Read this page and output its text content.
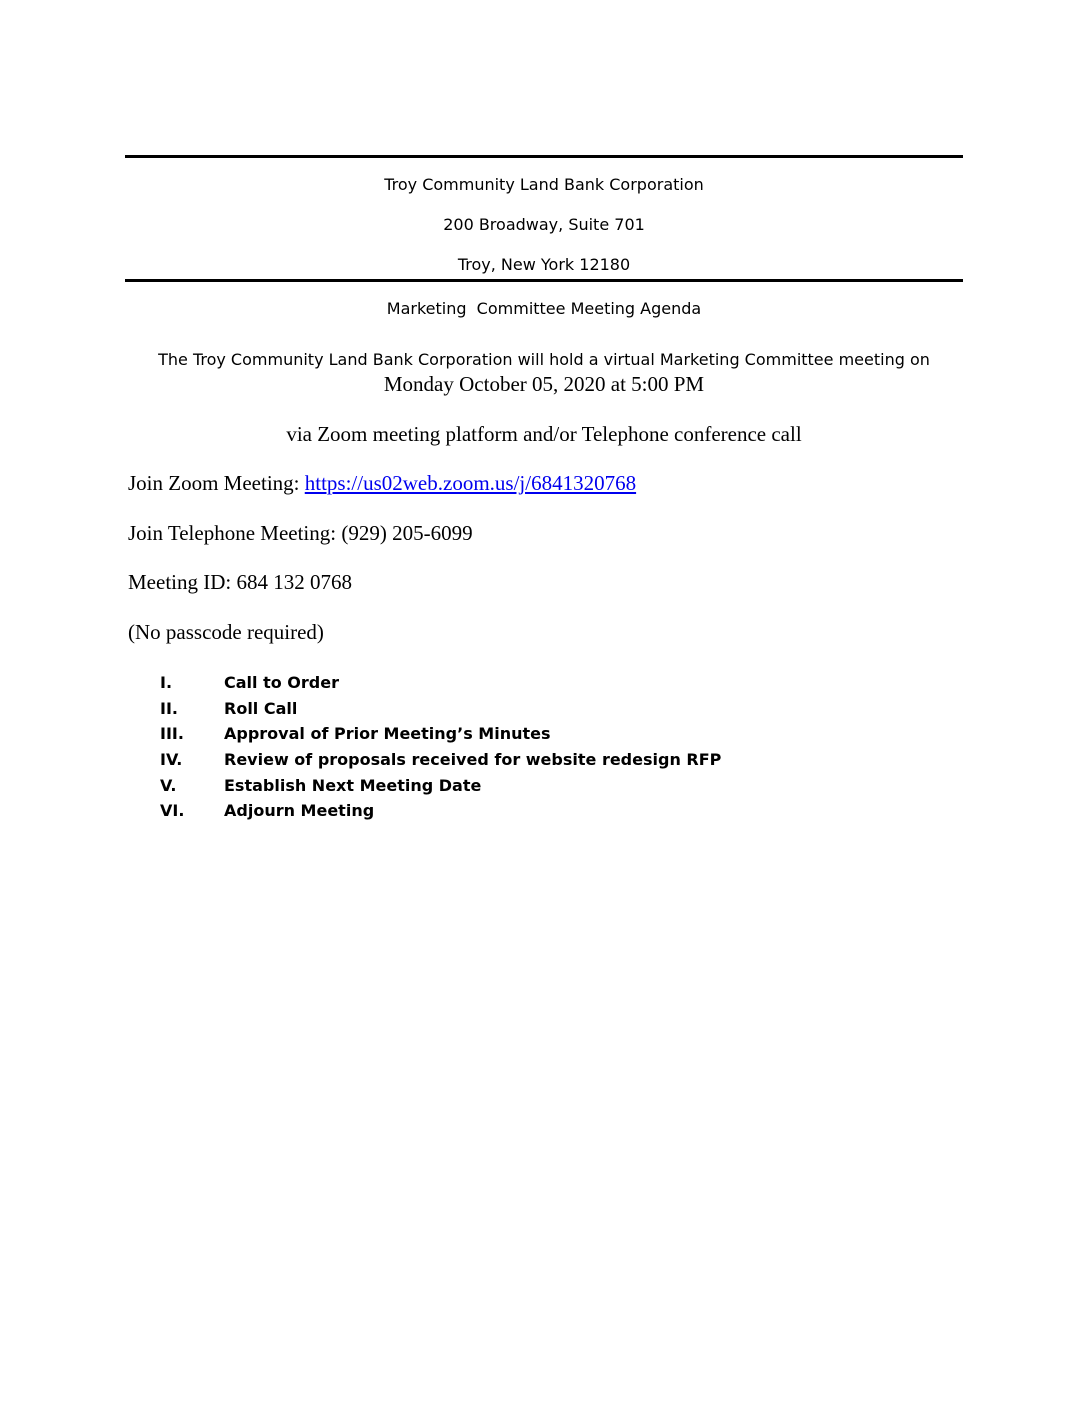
Troy Community Land Bank Corporation
200 Broadway, Suite 701
Troy, New York 12180
Marketing  Committee Meeting Agenda
The Troy Community Land Bank Corporation will hold a virtual Marketing Committee meeting on
Monday October 05, 2020 at 5:00 PM
via Zoom meeting platform and/or Telephone conference call
Join Zoom Meeting: https://us02web.zoom.us/j/6841320768
Join Telephone Meeting: (929) 205-6099
Meeting ID: 684 132 0768
(No passcode required)
I.	Call to Order
II.	Roll Call
III.	Approval of Prior Meeting’s Minutes
IV.	Review of proposals received for website redesign RFP
V.	Establish Next Meeting Date
VI.	Adjourn Meeting
